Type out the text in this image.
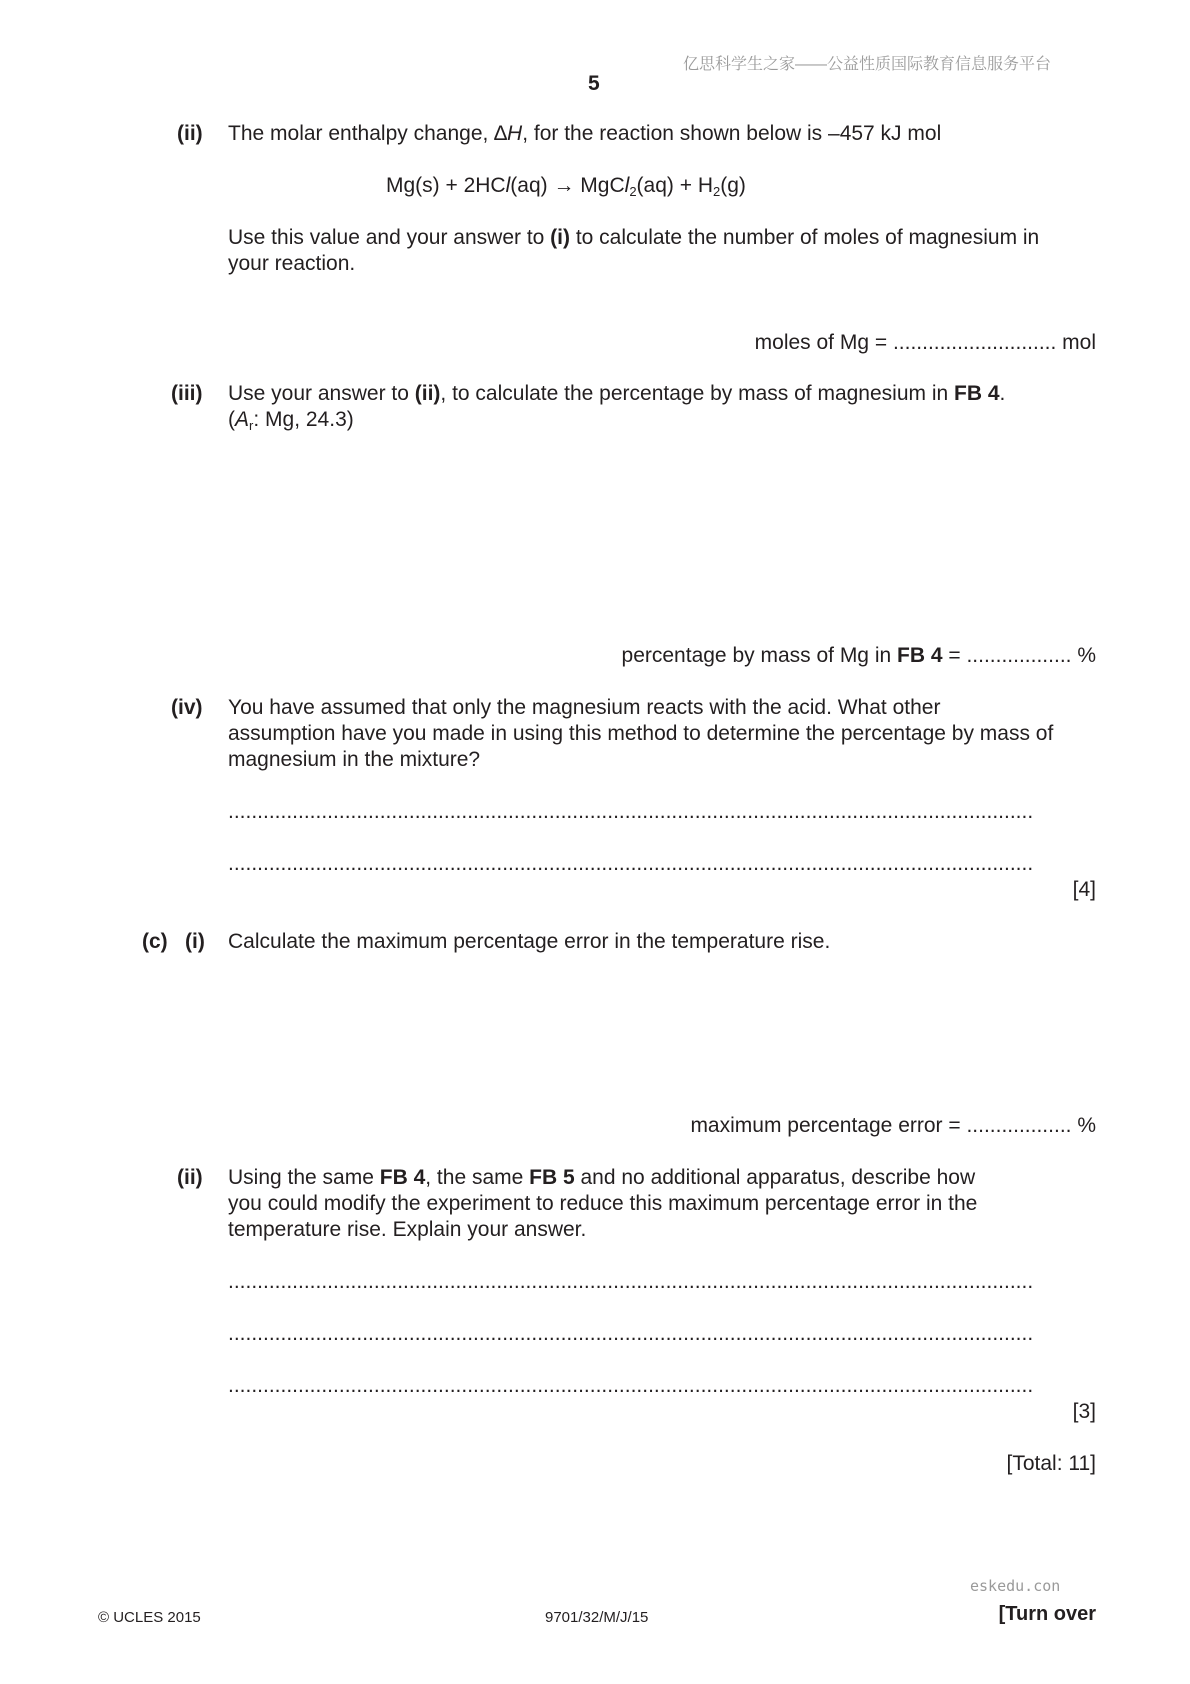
亿思科学生之家——公益性质国际教育信息服务平台
5
(ii) The molar enthalpy change, ∆H, for the reaction shown below is –457 kJ mol
Mg(s) + 2HCl(aq) → MgCl$_2$(aq) + $H_2(g)$
Use this value and your answer to (i) to calculate the number of moles of magnesium in
your reaction.
moles of Mg = ............................ mol
(iii) Use your answer to (ii), to calculate the percentage by mass of magnesium in FB 4.
($A_r$: Mg, 24.3)
percentage by mass of Mg in FB 4 = .................. %
(iv) You have assumed that only the magnesium reacts with the acid. What other
assumption have you made in using this method to determine the percentage by mass of
magnesium in the mixture?
..........................................................................................................................................
..........................................................................................................................................
[4]
(c) (i) Calculate the maximum percentage error in the temperature rise.
maximum percentage error = .................. %
(ii) Using the same FB 4, the same FB 5 and no additional apparatus, describe how
you could modify the experiment to reduce this maximum percentage error in the
temperature rise. Explain your answer.
..........................................................................................................................................
..........................................................................................................................................
..........................................................................................................................................
[3]
[Total: 11]
eskedu.con
© UCLES 2015	9701/32/M/J/15	[Turn over
